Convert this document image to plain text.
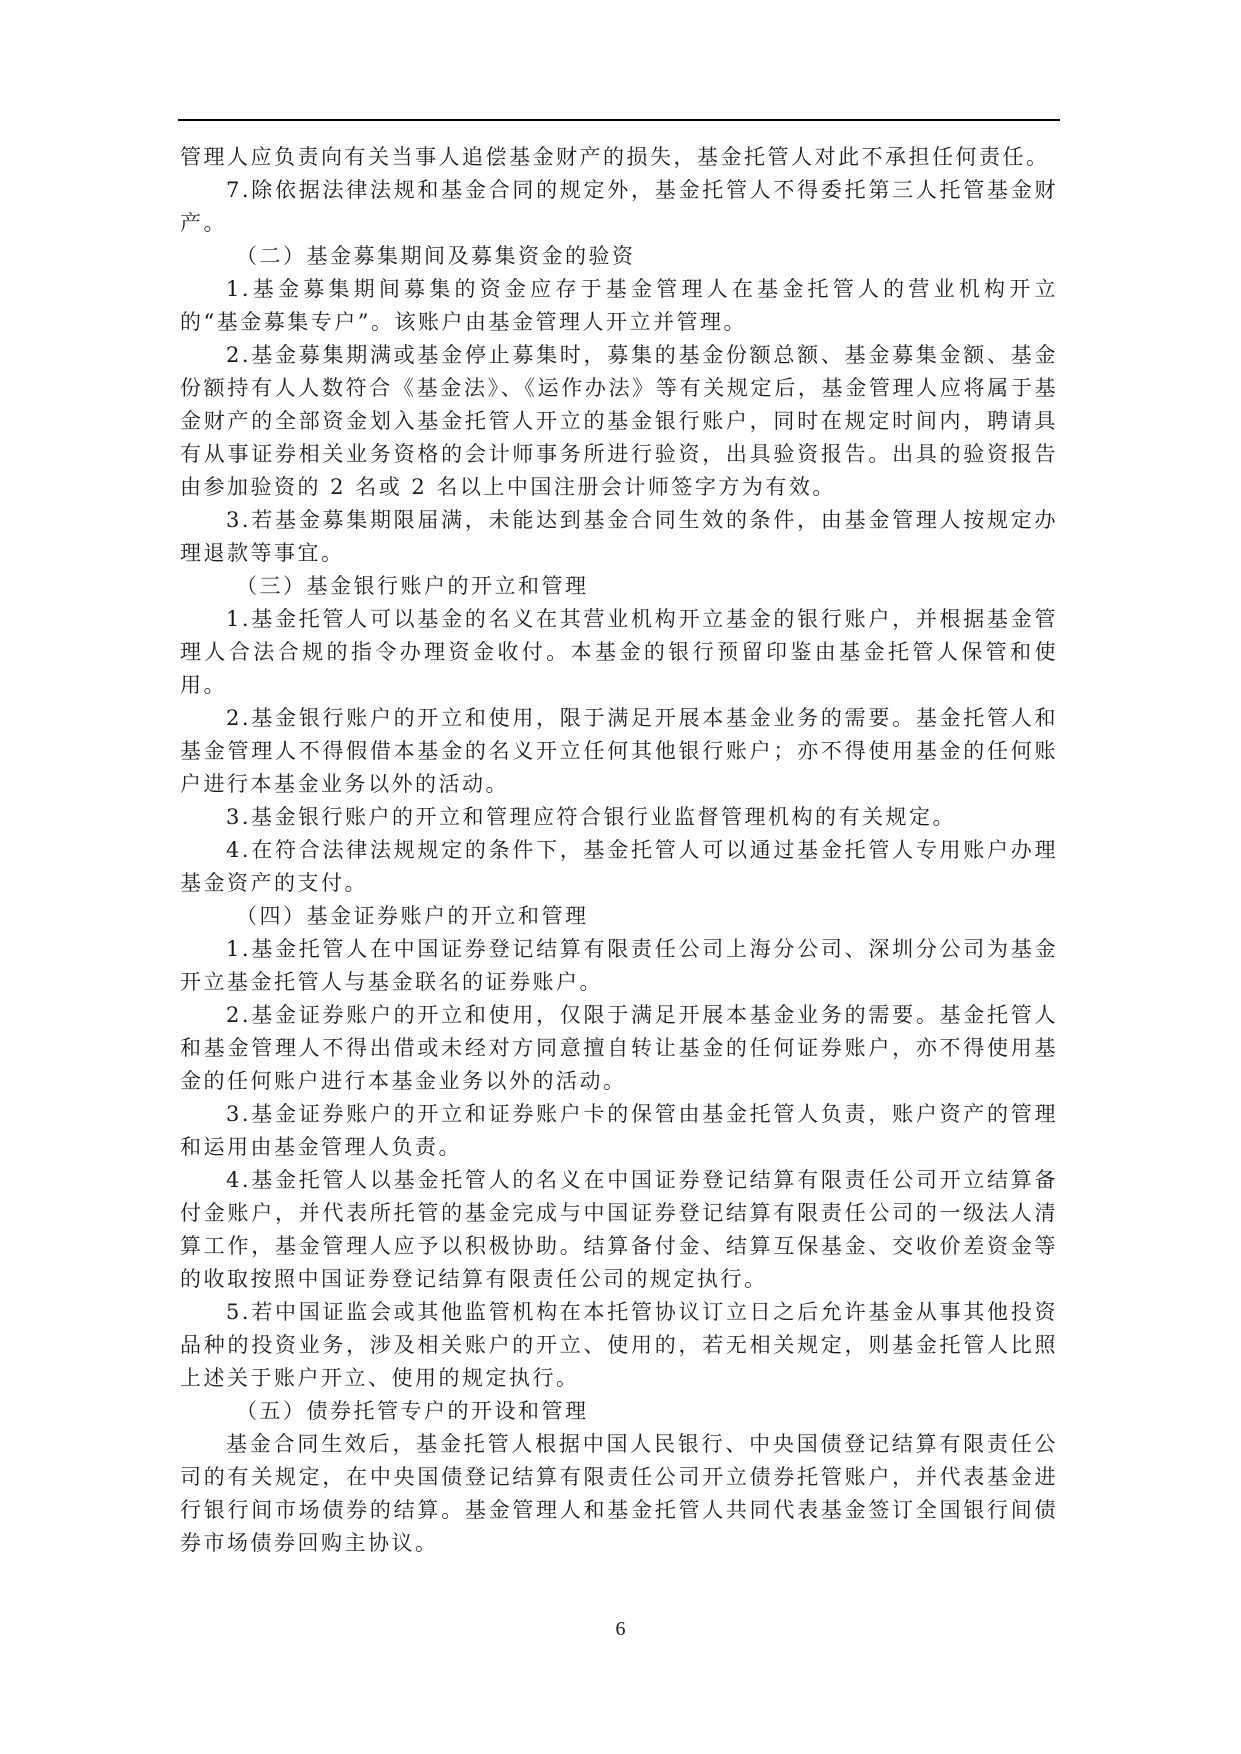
管理人应负责向有关当事人追偿基金财产的损失，基金托管人对此不承担任何责任。

7.除依据法律法规和基金合同的规定外，基金托管人不得委托第三人托管基金财产。

（二）基金募集期间及募集资金的验资

1.基金募集期间募集的资金应存于基金管理人在基金托管人的营业机构开立的“基金募集专户”。该账户由基金管理人开立并管理。

2.基金募集期满或基金停止募集时，募集的基金份额总额、基金募集金额、基金份额持有人人数符合《基金法》、《运作办法》等有关规定后，基金管理人应将属于基金财产的全部资金划入基金托管人开立的基金银行账户，同时在规定时间内，聘请具有从事证券相关业务资格的会计师事务所进行验资，出具验资报告。出具的验资报告由参加验资的 2 名或 2 名以上中国注册会计师签字方为有效。

3.若基金募集期限届满，未能达到基金合同生效的条件，由基金管理人按规定办理退款等事宜。

（三）基金银行账户的开立和管理

1.基金托管人可以基金的名义在其营业机构开立基金的银行账户，并根据基金管理人合法合规的指令办理资金收付。本基金的银行预留印鉴由基金托管人保管和使用。

2.基金银行账户的开立和使用，限于满足开展本基金业务的需要。基金托管人和基金管理人不得假借本基金的名义开立任何其他银行账户；亦不得使用基金的任何账户进行本基金业务以外的活动。

3.基金银行账户的开立和管理应符合银行业监督管理机构的有关规定。

4.在符合法律法规规定的条件下，基金托管人可以通过基金托管人专用账户办理基金资产的支付。

（四）基金证券账户的开立和管理

1.基金托管人在中国证券登记结算有限责任公司上海分公司、深圳分公司为基金开立基金托管人与基金联名的证券账户。

2.基金证券账户的开立和使用，仅限于满足开展本基金业务的需要。基金托管人和基金管理人不得出借或未经对方同意擅自转让基金的任何证券账户，亦不得使用基金的任何账户进行本基金业务以外的活动。

3.基金证券账户的开立和证券账户卡的保管由基金托管人负责，账户资产的管理和运用由基金管理人负责。

4.基金托管人以基金托管人的名义在中国证券登记结算有限责任公司开立结算备付金账户，并代表所托管的基金完成与中国证券登记结算有限责任公司的一级法人清算工作，基金管理人应予以积极协助。结算备付金、结算互保基金、交收价差资金等的收取按照中国证券登记结算有限责任公司的规定执行。

5.若中国证监会或其他监管机构在本托管协议订立日之后允许基金从事其他投资品种的投资业务，涉及相关账户的开立、使用的，若无相关规定，则基金托管人比照上述关于账户开立、使用的规定执行。

（五）债券托管专户的开设和管理

基金合同生效后，基金托管人根据中国人民银行、中央国债登记结算有限责任公司的有关规定，在中央国债登记结算有限责任公司开立债券托管账户，并代表基金进行银行间市场债券的结算。基金管理人和基金托管人共同代表基金签订全国银行间债券市场债券回购主协议。

6
